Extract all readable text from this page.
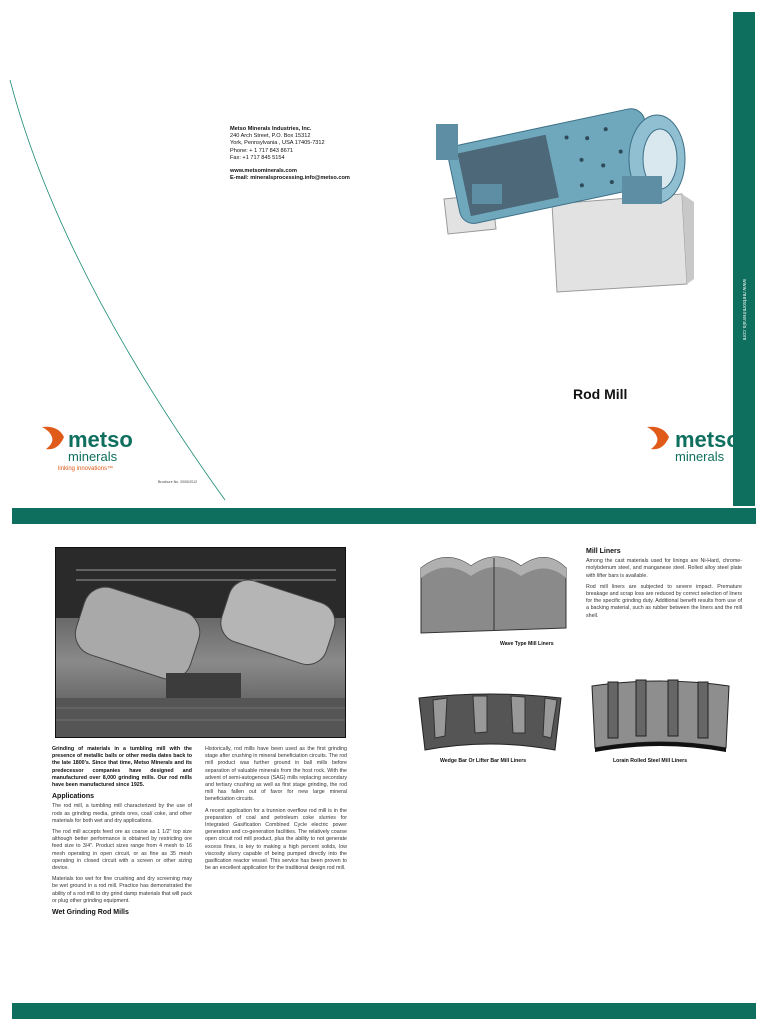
www.metsominerals.com
Metso Minerals Industries, Inc.
240 Arch Street, P.O. Box 15312
York, Pennsylvania , USA 17405-7312
Phone: + 1 717 843 8671
Fax: +1 717 845 5154
www.metsominerals.com
E-mail: mineralsprocessing.info@metso.com
Rod Mill
metso
minerals
linking innovations™
Brochure No. 2005/2012
metso
minerals
Wave Type Mill Liners
Wedge Bar Or Lifter Bar Mill Liners	Lorain Rolled Steel Mill Liners

Grinding of materials in a tumbling mill with the presence of metallic balls or other media dates back to the late 1800's. Since that time, Metso Minerals and its predecessor companies have designed and manufactured over 8,000 grinding mills. Our rod mills have been manufactured since 1925.

Applications

The rod mill, a tumbling mill characterized by the use of rods as grinding media, grinds ores, coal/ coke, and other materials for both wet and dry applications.

The rod mill accepts feed ore as coarse as 1 1/2" top size although better performance is obtained by restricting ore feed size to 3/4". Product sizes range from 4 mesh to 16 mesh operating in open circuit, or as fine as 35 mesh operating in closed circuit with a screen or other sizing device.

Materials too wet for fine crushing and dry screening may be wet ground in a rod mill. Practice has demonstrated the ability of a rod mill to dry grind damp materials that will pack or plug other grinding equipment.

Wet Grinding Rod Mills

Historically, rod mills have been used as the first grinding stage after crushing in mineral beneficiation circuits. The rod mill product was further ground in ball mills before separation of valuable minerals from the host rock. With the advent of semi-autogenous (SAG) mills replacing secondary and tertiary crushing as well as first stage grinding, the rod mill has fallen out of favor for new large mineral beneficiation circuits.

A recent application for a trunnion overflow rod mill is in the preparation of coal and petroleum coke slurries for Integrated Gasification Combined Cycle electric power generation and co-generation facilities. The relatively coarse open circuit rod mill product, plus the ability to not generate excess fines, is key to making a high percent solids, low viscosity slurry capable of being pumped directly into the gasification reactor vessel. This service has been proven to be an excellent application for the traditional design rod mill.

Mill Liners

Among the cast materials used for linings are Ni-Hard, chrome-molybdenum steel, and manganese steel. Rolled alloy steel plate with lifter bars is available.

Rod mill liners are subjected to severe impact. Premature breakage and scrap loss are reduced by correct selection of liners for the specific grinding duty. Additional benefit results from use of a backing material, such as rubber between the liners and the mill shell.
